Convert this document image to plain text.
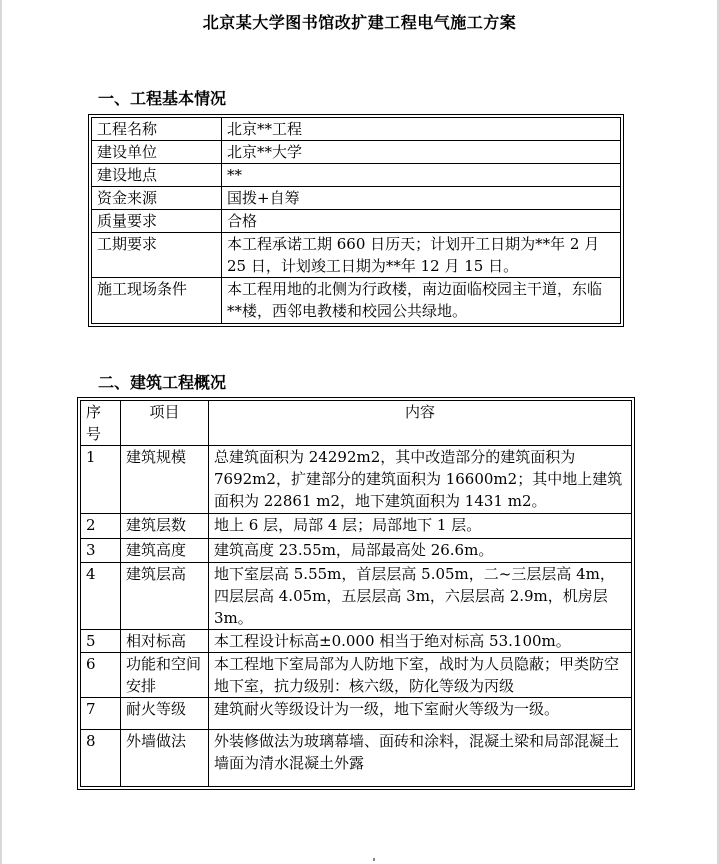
北京某大学图书馆改扩建工程电气施工方案
一、工程基本情况
工程名称	北京**工程
建设单位	北京**大学
建设地点	**
资金来源	国拨+自筹
质量要求	合格
工期要求	本工程承诺工期 660 日历天；计划开工日期为**年 2 月 25 日，计划竣工日期为**年 12 月 15 日。
施工现场条件	本工程用地的北侧为行政楼，南边面临校园主干道，东临**楼，西邻电教楼和校园公共绿地。
二、建筑工程概况
序号	项目	内容
1	建筑规模	总建筑面积为 24292m2，其中改造部分的建筑面积为 7692m2，扩建部分的建筑面积为 16600m2；其中地上建筑面积为 22861 m2，地下建筑面积为 1431 m2。
2	建筑层数	地上 6 层，局部 4 层；局部地下 1 层。
3	建筑高度	建筑高度 23.55m，局部最高处 26.6m。
4	建筑层高	地下室层高 5.55m，首层层高 5.05m，二~三层层高 4m，四层层高 4.05m，五层层高 3m，六层层高 2.9m，机房层 3m。
5	相对标高	本工程设计标高±0.000 相当于绝对标高 53.100m。
6	功能和空间安排	本工程地下室局部为人防地下室，战时为人员隐蔽；甲类防空地下室，抗力级别：核六级，防化等级为丙级
7	耐火等级	建筑耐火等级设计为一级，地下室耐火等级为一级。
8	外墙做法	外装修做法为玻璃幕墙、面砖和涂料，混凝土梁和局部混凝土墙面为清水混凝土外露
